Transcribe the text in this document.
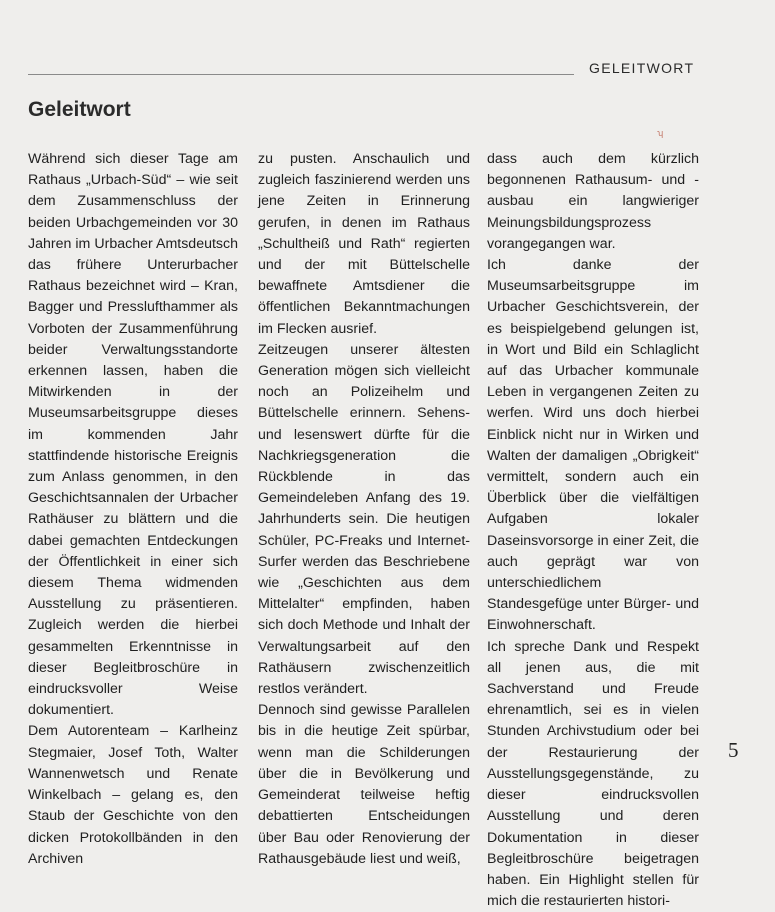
GELEITWORT
Geleitwort
ʮ

Während sich dieser Tage am Rathaus „Urbach-Süd“ – wie seit dem Zusammenschluss der beiden Urbachgemeinden vor 30 Jahren im Urbacher Amtsdeutsch das frühere Unterurbacher Rathaus bezeichnet wird – Kran, Bagger und Presslufthammer als Vorboten der Zusammenführung beider Verwaltungsstandorte erkennen lassen, haben die Mitwirkenden in der Museumsarbeitsgruppe dieses im kommenden Jahr stattfindende historische Ereignis zum Anlass genommen, in den Geschichtsannalen der Urbacher Rathäuser zu blättern und die dabei gemachten Entdeckungen der Öffentlichkeit in einer sich diesem Thema widmenden Ausstellung zu präsentieren. Zugleich werden die hierbei gesammelten Erkenntnisse in dieser Begleitbroschüre in eindrucksvoller Weise dokumentiert.

Dem Autorenteam – Karlheinz Stegmaier, Josef Toth, Walter Wannenwetsch und Renate Winkelbach – gelang es, den Staub der Geschichte von den dicken Protokollbänden in den Archiven

zu pusten. Anschaulich und zugleich faszinierend werden uns jene Zeiten in Erinnerung gerufen, in denen im Rathaus „Schultheiß und Rath“ regierten und der mit Büttelschelle bewaffnete Amtsdiener die öffentlichen Bekanntmachungen im Flecken ausrief.

Zeitzeugen unserer ältesten Generation mögen sich vielleicht noch an Polizeihelm und Büttelschelle erinnern. Sehens- und lesenswert dürfte für die Nachkriegsgeneration die Rückblende in das Gemeindeleben Anfang des 19. Jahrhunderts sein. Die heutigen Schüler, PC-Freaks und Internet-Surfer werden das Beschriebene wie „Geschichten aus dem Mittelalter“ empfinden, haben sich doch Methode und Inhalt der Verwaltungsarbeit auf den Rathäusern zwischenzeitlich restlos verändert.

Dennoch sind gewisse Parallelen bis in die heutige Zeit spürbar, wenn man die Schilderungen über die in Bevölkerung und Gemeinderat teilweise heftig debattierten Entscheidungen über Bau oder Renovierung der Rathausgebäude liest und weiß,

dass auch dem kürzlich begonnenen Rathausum- und -ausbau ein langwieriger Meinungsbildungsprozess vorangegangen war.

Ich danke der Museumsarbeitsgruppe im Urbacher Geschichtsverein, der es beispielgebend gelungen ist, in Wort und Bild ein Schlaglicht auf das Urbacher kommunale Leben in vergangenen Zeiten zu werfen. Wird uns doch hierbei Einblick nicht nur in Wirken und Walten der damaligen „Obrigkeit“ vermittelt, sondern auch ein Überblick über die vielfältigen Aufgaben lokaler Daseinsvorsorge in einer Zeit, die auch geprägt war von unterschiedlichem Standesgefüge unter Bürger- und Einwohnerschaft.

Ich spreche Dank und Respekt all jenen aus, die mit Sachverstand und Freude ehrenamtlich, sei es in vielen Stunden Archivstudium oder bei der Restaurierung der Ausstellungsgegenstände, zu dieser eindrucksvollen Ausstellung und deren Dokumentation in dieser Begleitbroschüre beigetragen haben. Ein Highlight stellen für mich die restaurierten histori-

5
